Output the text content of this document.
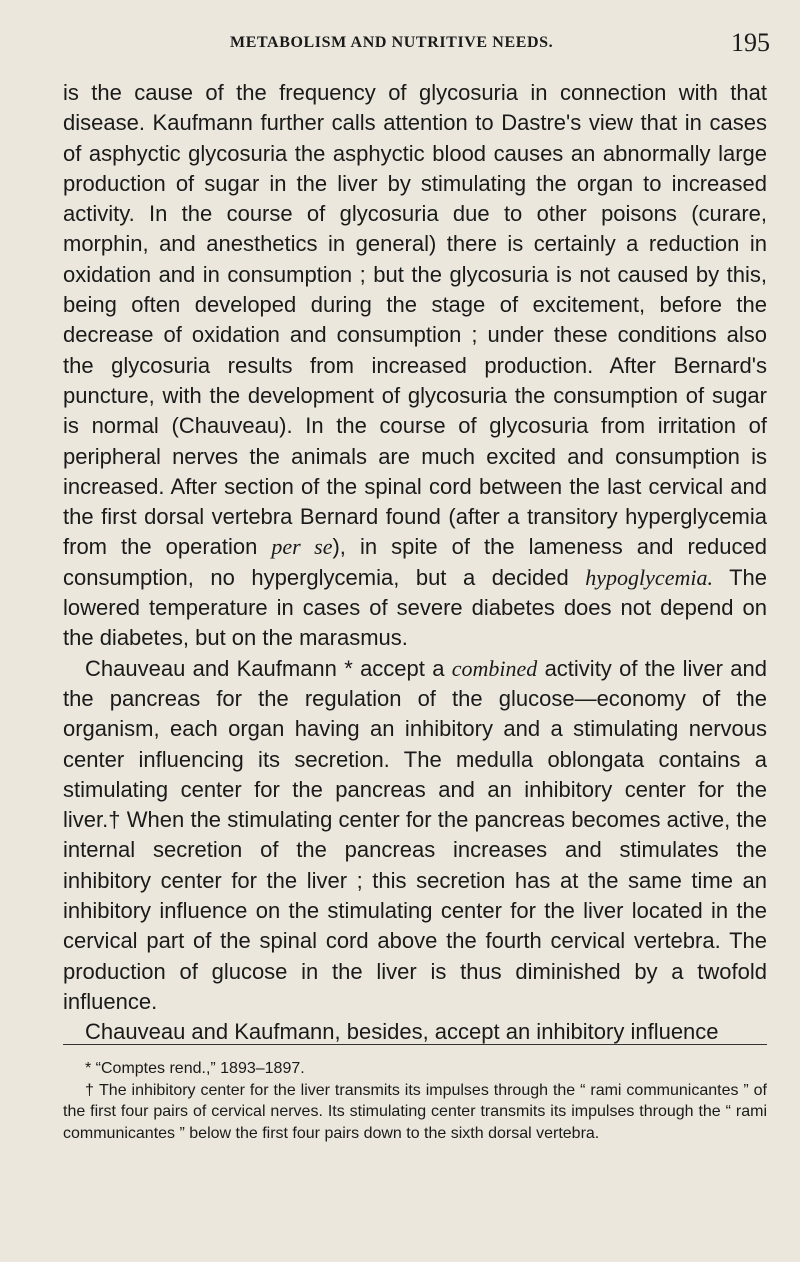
METABOLISM AND NUTRITIVE NEEDS.	195

is the cause of the frequency of glycosuria in connection with that disease. Kaufmann further calls attention to Dastre's view that in cases of asphyctic glycosuria the asphyctic blood causes an abnormally large production of sugar in the liver by stimulating the organ to increased activity. In the course of glycosuria due to other poisons (curare, morphin, and anesthetics in general) there is certainly a reduction in oxidation and in consumption ; but the glycosuria is not caused by this, being often developed during the stage of excitement, before the decrease of oxidation and consumption ; under these conditions also the glycosuria results from increased production. After Bernard's puncture, with the development of glycosuria the consumption of sugar is normal (Chauveau). In the course of glycosuria from irritation of peripheral nerves the animals are much excited and consumption is increased. After section of the spinal cord between the last cervical and the first dorsal vertebra Bernard found (after a transitory hyperglycemia from the operation per se), in spite of the lameness and reduced consumption, no hyperglycemia, but a decided hypoglycemia. The lowered temperature in cases of severe diabetes does not depend on the diabetes, but on the marasmus.

Chauveau and Kaufmann * accept a combined activity of the liver and the pancreas for the regulation of the glucose—economy of the organism, each organ having an inhibitory and a stimulating nervous center influencing its secretion. The medulla oblongata contains a stimulating center for the pancreas and an inhibitory center for the liver.† When the stimulating center for the pancreas becomes active, the internal secretion of the pancreas increases and stimulates the inhibitory center for the liver ; this secretion has at the same time an inhibitory influence on the stimulating center for the liver located in the cervical part of the spinal cord above the fourth cervical vertebra. The production of glucose in the liver is thus diminished by a twofold influence.

Chauveau and Kaufmann, besides, accept an inhibitory influence

* “Comptes rend.,” 1893–1897.

† The inhibitory center for the liver transmits its impulses through the “ rami communicantes ” of the first four pairs of cervical nerves. Its stimulating center transmits its impulses through the “ rami communicantes ” below the first four pairs down to the sixth dorsal vertebra.
